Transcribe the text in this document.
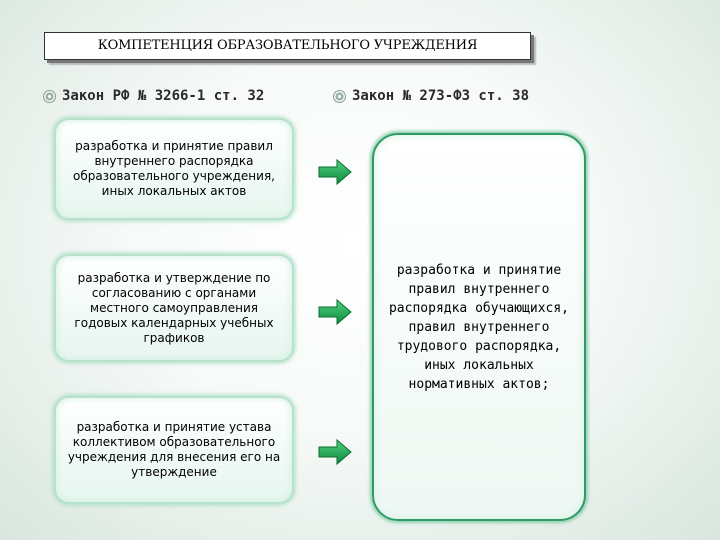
КОМПЕТЕНЦИЯ ОБРАЗОВАТЕЛЬНОГО УЧРЕЖДЕНИЯ
Закон РФ № 3266-1 ст. 32	Закон № 273-ФЗ ст. 38
разработка и принятие правил внутреннего распорядка образовательного учреждения, иных локальных актов
разработка и утверждение по согласованию с органами местного самоуправления годовых календарных учебных графиков
разработка и принятие устава коллективом образовательного учреждения для внесения его на утверждение
разработка и принятие правил внутреннего распорядка обучающихся, правил внутреннего трудового распорядка, иных локальных нормативных актов;
